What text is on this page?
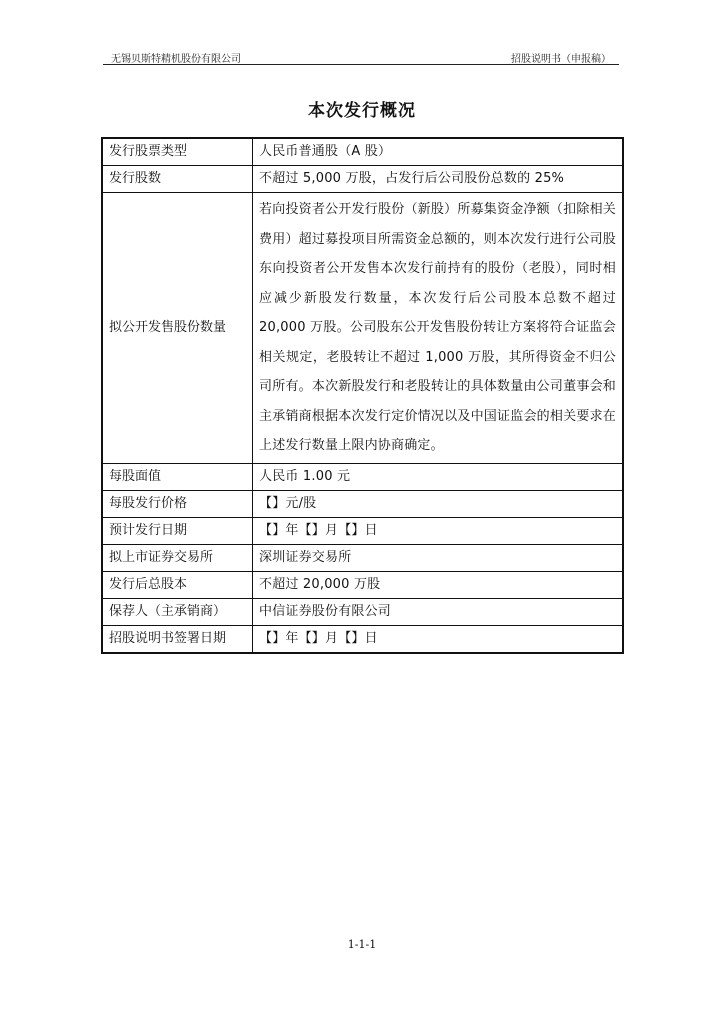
无锡贝斯特精机股份有限公司	招股说明书（申报稿）
本次发行概况
发行股票类型	人民币普通股（A 股）
发行股数	不超过 5,000 万股，占发行后公司股份总数的 25%
拟公开发售股份数量	若向投资者公开发行股份（新股）所募集资金净额（扣除相关费用）超过募投项目所需资金总额的，则本次发行进行公司股东向投资者公开发售本次发行前持有的股份（老股），同时相应减少新股发行数量，本次发行后公司股本总数不超过 20,000 万股。公司股东公开发售股份转让方案将符合证监会相关规定，老股转让不超过 1,000 万股，其所得资金不归公司所有。本次新股发行和老股转让的具体数量由公司董事会和主承销商根据本次发行定价情况以及中国证监会的相关要求在上述发行数量上限内协商确定。
每股面值	人民币 1.00 元
每股发行价格	【】元/股
预计发行日期	【】年【】月【】日
拟上市证券交易所	深圳证券交易所
发行后总股本	不超过 20,000 万股
保荐人（主承销商）	中信证券股份有限公司
招股说明书签署日期	【】年【】月【】日
1-1-1
